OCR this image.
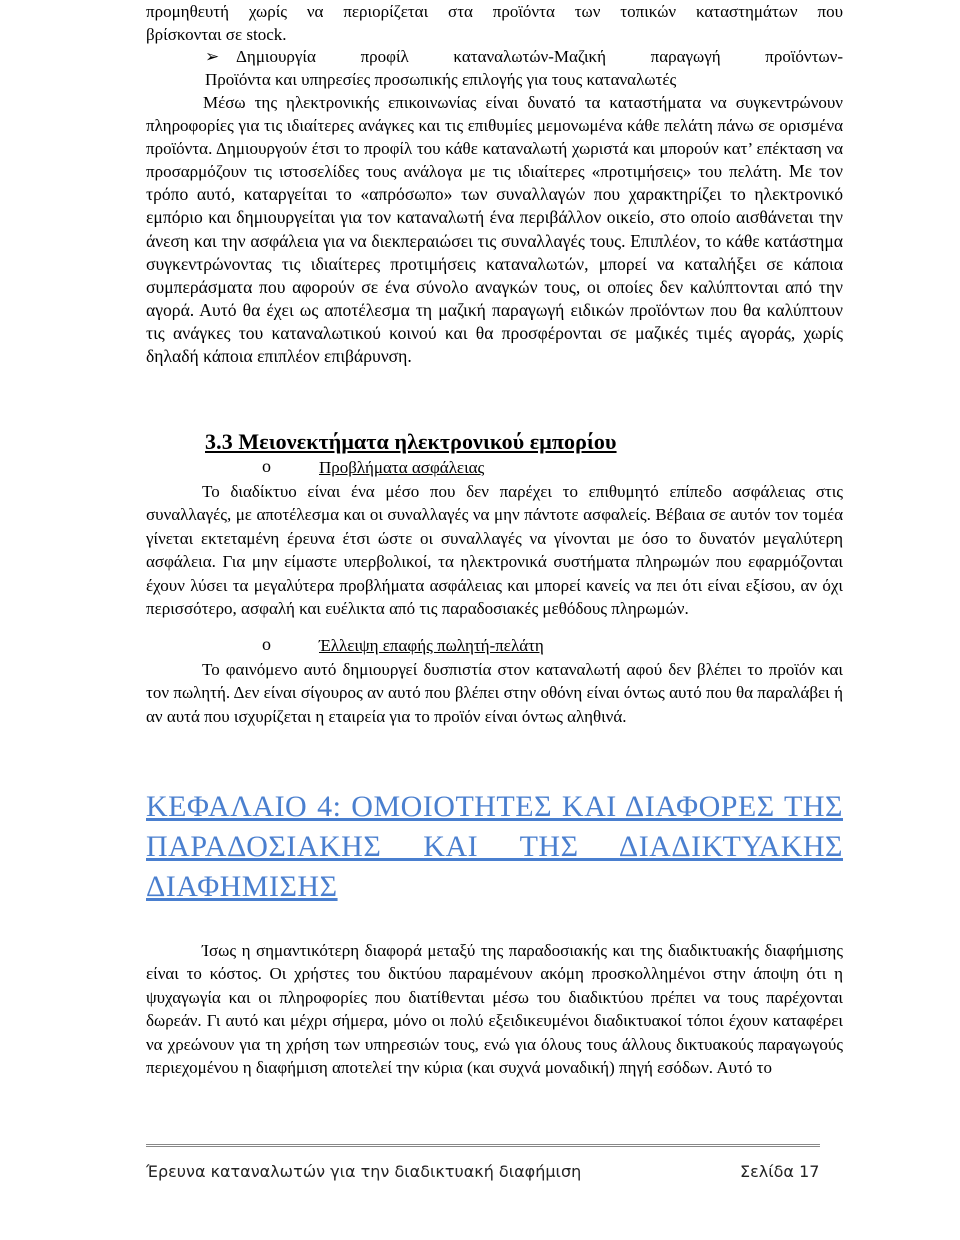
προμηθευτή χωρίς να περιορίζεται στα προϊόντα των τοπικών καταστημάτων που
βρίσκονται σε stock.
➢ Δημιουργία προφίλ καταναλωτών-Μαζική παραγωγή προϊόντων-
Προϊόντα και υπηρεσίες προσωπικής επιλογής για τους καταναλωτές
Μέσω της ηλεκτρονικής επικοινωνίας είναι δυνατό τα καταστήματα να συγκεντρώνουν πληροφορίες για τις ιδιαίτερες ανάγκες και τις επιθυμίες μεμονωμένα κάθε πελάτη πάνω σε ορισμένα προϊόντα. Δημιουργούν έτσι το προφίλ του κάθε καταναλωτή χωριστά και μπορούν κατ’ επέκταση να προσαρμόζουν τις ιστοσελίδες τους ανάλογα με τις ιδιαίτερες «προτιμήσεις» του πελάτη. Με τον τρόπο αυτό, καταργείται το «απρόσωπο» των συναλλαγών που χαρακτηρίζει το ηλεκτρονικό εμπόριο και δημιουργείται για τον καταναλωτή ένα περιβάλλον οικείο, στο οποίο αισθάνεται την άνεση και την ασφάλεια για να διεκπεραιώσει τις συναλλαγές τους. Επιπλέον, το κάθε κατάστημα συγκεντρώνοντας τις ιδιαίτερες προτιμήσεις καταναλωτών, μπορεί να καταλήξει σε κάποια συμπεράσματα που αφορούν σε ένα σύνολο αναγκών τους, οι οποίες δεν καλύπτονται από την αγορά. Αυτό θα έχει ως αποτέλεσμα τη μαζική παραγωγή ειδικών προϊόντων που θα καλύπτουν τις ανάγκες του καταναλωτικού κοινού και θα προσφέρονται σε μαζικές τιμές αγοράς, χωρίς δηλαδή κάποια επιπλέον επιβάρυνση.
3.3 Μειονεκτήματα ηλεκτρονικού εμπορίου
o	Προβλήματα ασφάλειας
Το διαδίκτυο είναι ένα μέσο που δεν παρέχει το επιθυμητό επίπεδο ασφάλειας στις συναλλαγές, με αποτέλεσμα και οι συναλλαγές να μην πάντοτε ασφαλείς. Βέβαια σε αυτόν τον τομέα γίνεται εκτεταμένη έρευνα έτσι ώστε οι συναλλαγές να γίνονται με όσο το δυνατόν μεγαλύτερη ασφάλεια. Για μην είμαστε υπερβολικοί, τα ηλεκτρονικά συστήματα πληρωμών που εφαρμόζονται έχουν λύσει τα μεγαλύτερα προβλήματα ασφάλειας και μπορεί κανείς να πει ότι είναι εξίσου, αν όχι περισσότερο, ασφαλή και ευέλικτα από τις παραδοσιακές μεθόδους πληρωμών.
o	Έλλειψη επαφής πωλητή-πελάτη
Το φαινόμενο αυτό δημιουργεί δυσπιστία στον καταναλωτή αφού δεν βλέπει το προϊόν και τον πωλητή. Δεν είναι σίγουρος αν αυτό που βλέπει στην οθόνη είναι όντως αυτό που θα παραλάβει ή αν αυτά που ισχυρίζεται η εταιρεία για το προϊόν είναι όντως αληθινά.
ΚΕΦΑΛΑΙΟ 4: ΟΜΟΙΟΤΗΤΕΣ ΚΑΙ ΔΙΑΦΟΡΕΣ ΤΗΣ ΠΑΡΑΔΟΣΙΑΚΗΣ ΚΑΙ ΤΗΣ ΔΙΑΔΙΚΤΥΑΚΗΣ ΔΙΑΦΗΜΙΣΗΣ
Ίσως η σημαντικότερη διαφορά μεταξύ της παραδοσιακής και της διαδικτυακής διαφήμισης είναι το κόστος. Οι χρήστες του δικτύου παραμένουν ακόμη προσκολλημένοι στην άποψη ότι η ψυχαγωγία και οι πληροφορίες που διατίθενται μέσω του διαδικτύου πρέπει να τους παρέχονται δωρεάν. Γι αυτό και μέχρι σήμερα, μόνο οι πολύ εξειδικευμένοι διαδικτυακοί τόποι έχουν καταφέρει να χρεώνουν για τη χρήση των υπηρεσιών τους, ενώ για όλους τους άλλους δικτυακούς παραγωγούς περιεχομένου η διαφήμιση αποτελεί την κύρια (και συχνά μοναδική) πηγή εσόδων. Αυτό το
Έρευνα καταναλωτών για την διαδικτυακή διαφήμιση	Σελίδα 17
